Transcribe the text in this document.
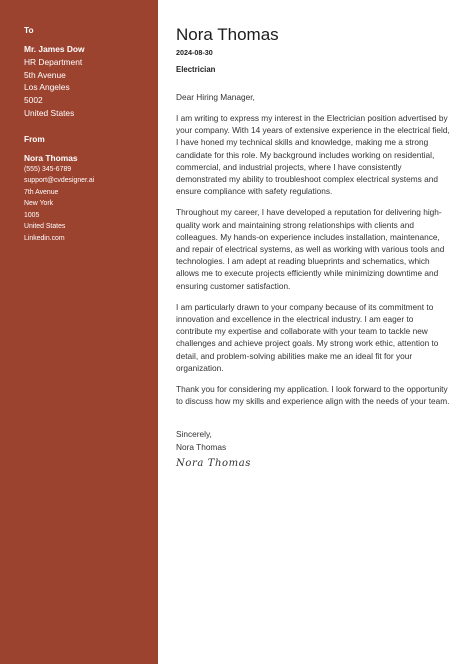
To
Mr. James Dow
HR Department
5th Avenue
Los Angeles
5002
United States
From
Nora Thomas
(555) 345-6789
support@cvdesigner.ai
7th Avenue
New York
1005
United States
Linkedin.com
Nora Thomas
2024-08-30
Electrician
Dear Hiring Manager,
I am writing to express my interest in the Electrician position advertised by your company. With 14 years of extensive experience in the electrical field, I have honed my technical skills and knowledge, making me a strong candidate for this role. My background includes working on residential, commercial, and industrial projects, where I have consistently demonstrated my ability to troubleshoot complex electrical systems and ensure compliance with safety regulations.
Throughout my career, I have developed a reputation for delivering high-quality work and maintaining strong relationships with clients and colleagues. My hands-on experience includes installation, maintenance, and repair of electrical systems, as well as working with various tools and technologies. I am adept at reading blueprints and schematics, which allows me to execute projects efficiently while minimizing downtime and ensuring customer satisfaction.
I am particularly drawn to your company because of its commitment to innovation and excellence in the electrical industry. I am eager to contribute my expertise and collaborate with your team to tackle new challenges and achieve project goals. My strong work ethic, attention to detail, and problem-solving abilities make me an ideal fit for your organization.
Thank you for considering my application. I look forward to the opportunity to discuss how my skills and experience align with the needs of your team.
Sincerely,
Nora Thomas
Nora Thomas
